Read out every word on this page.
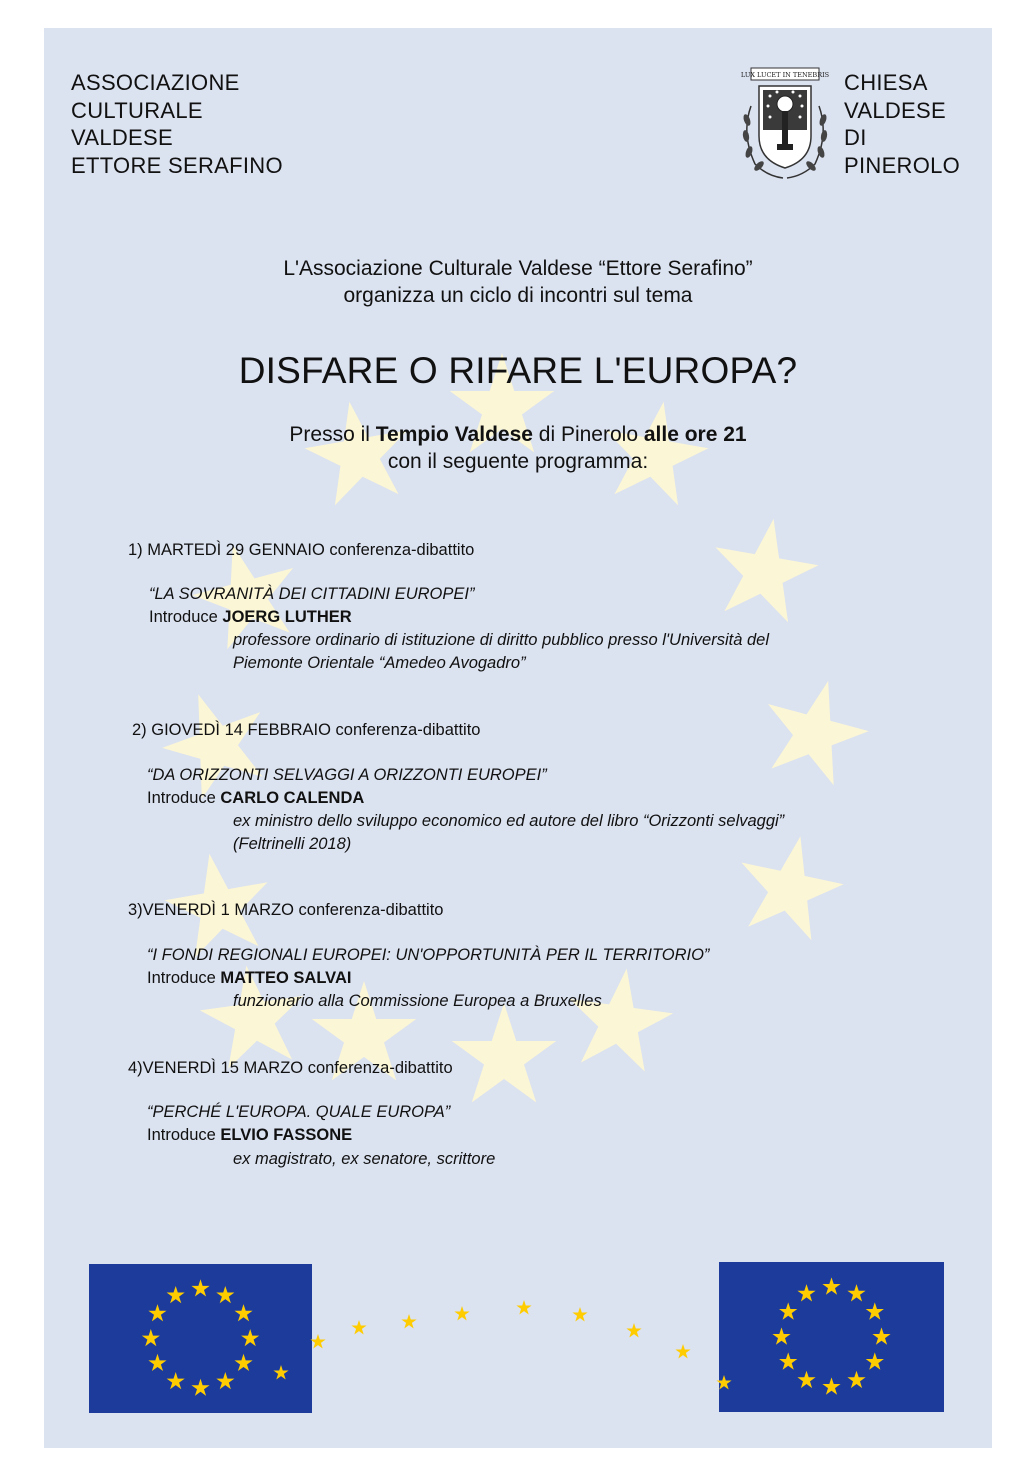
ASSOCIAZIONE
CULTURALE
VALDESE
ETTORE SERAFINO
LUX LUCET IN TENEBRIS CHIESA
VALDESE
DI
PINEROLO
L'Associazione Culturale Valdese “Ettore Serafino”
organizza un ciclo di incontri sul tema
DISFARE O RIFARE L'EUROPA?
Presso il Tempio Valdese di Pinerolo alle ore 21
con il seguente programma:
1) MARTEDÌ 29 GENNAIO conferenza-dibattito
“LA SOVRANITÀ DEI CITTADINI EUROPEI”
Introduce JOERG LUTHER
professore ordinario di istituzione di diritto pubblico presso l'Università del
Piemonte Orientale “Amedeo Avogadro”
2) GIOVEDÌ 14 FEBBRAIO conferenza-dibattito
“DA ORIZZONTI SELVAGGI A ORIZZONTI EUROPEI”
Introduce CARLO CALENDA
ex ministro dello sviluppo economico ed autore del libro “Orizzonti selvaggi”
(Feltrinelli 2018)
3)VENERDÌ 1 MARZO conferenza-dibattito
“I FONDI REGIONALI EUROPEI: UN'OPPORTUNITÀ PER IL TERRITORIO”
Introduce MATTEO SALVAI
funzionario alla Commissione Europea a Bruxelles
4)VENERDÌ 15 MARZO conferenza-dibattito
“PERCHÉ L'EUROPA. QUALE EUROPA”
Introduce ELVIO FASSONE
ex magistrato, ex senatore, scrittore
